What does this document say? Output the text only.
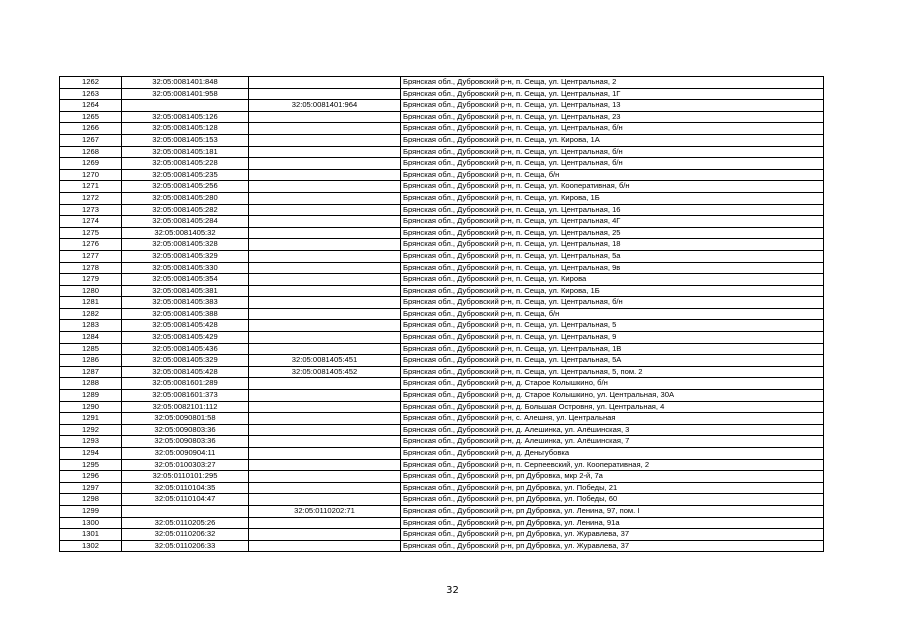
1262	32:05:0081401:848		Брянская обл., Дубровский р-н, п. Сеща, ул. Центральная, 2
1263	32:05:0081401:958		Брянская обл., Дубровский р-н, п. Сеща, ул. Центральная, 1Г
1264		32:05:0081401:964	Брянская обл., Дубровский р-н, п. Сеща, ул. Центральная, 13
1265	32:05:0081405:126		Брянская обл., Дубровский р-н, п. Сеща, ул. Центральная, 23
1266	32:05:0081405:128		Брянская обл., Дубровский р-н, п. Сеща, ул. Центральная, б/н
1267	32:05:0081405:153		Брянская обл., Дубровский р-н, п. Сеща, ул. Кирова, 1А
1268	32:05:0081405:181		Брянская обл., Дубровский р-н, п. Сеща, ул. Центральная, б/н
1269	32:05:0081405:228		Брянская обл., Дубровский р-н, п. Сеща, ул. Центральная, б/н
1270	32:05:0081405:235		Брянская обл., Дубровский р-н, п. Сеща, б/н
1271	32:05:0081405:256		Брянская обл., Дубровский р-н, п. Сеща, ул. Кооперативная, б/н
1272	32:05:0081405:280		Брянская обл., Дубровский р-н, п. Сеща, ул. Кирова, 1Б
1273	32:05:0081405:282		Брянская обл., Дубровский р-н, п. Сеща, ул. Центральная, 16
1274	32:05:0081405:284		Брянская обл., Дубровский р-н, п. Сеща, ул. Центральная, 4Г
1275	32:05:0081405:32		Брянская обл., Дубровский р-н, п. Сеща, ул. Центральная, 25
1276	32:05:0081405:328		Брянская обл., Дубровский р-н, п. Сеща, ул. Центральная, 18
1277	32:05:0081405:329		Брянская обл., Дубровский р-н, п. Сеща, ул. Центральная, 5а
1278	32:05:0081405:330		Брянская обл., Дубровский р-н, п. Сеща, ул. Центральная, 9в
1279	32:05:0081405:354		Брянская обл., Дубровский р-н, п. Сеща, ул. Кирова
1280	32:05:0081405:381		Брянская обл., Дубровский р-н, п. Сеща, ул. Кирова, 1Б
1281	32:05:0081405:383		Брянская обл., Дубровский р-н, п. Сеща, ул. Центральная, б/н
1282	32:05:0081405:388		Брянская обл., Дубровский р-н, п. Сеща, б/н
1283	32:05:0081405:428		Брянская обл., Дубровский р-н, п. Сеща, ул. Центральная, 5
1284	32:05:0081405:429		Брянская обл., Дубровский р-н, п. Сеща, ул. Центральная, 9
1285	32:05:0081405:436		Брянская обл., Дубровский р-н, п. Сеща, ул. Центральная, 1В
1286	32:05:0081405:329	32:05:0081405:451	Брянская обл., Дубровский р-н, п. Сеща, ул. Центральная, 5А
1287	32:05:0081405:428	32:05:0081405:452	Брянская обл., Дубровский р-н, п. Сеща, ул. Центральная, 5, пом. 2
1288	32:05:0081601:289		Брянская обл., Дубровский р-н, д. Старое Колышкино, б/н
1289	32:05:0081601:373		Брянская обл., Дубровский р-н, д. Старое Колышкино, ул. Центральная, 30А
1290	32:05:0082101:112		Брянская обл., Дубровский р-н, д. Большая Островня, ул. Центральная, 4
1291	32:05:0090801:58		Брянская обл., Дубровский р-н, с. Алешня, ул. Центральная
1292	32:05:0090803:36		Брянская обл., Дубровский р-н, д. Алешинка, ул. Алёшинская, 3
1293	32:05:0090803:36		Брянская обл., Дубровский р-н, д. Алешинка, ул. Алёшинская, 7
1294	32:05:0090904:11		Брянская обл., Дубровский р-н, д. Деньгубовка
1295	32:05:0100303:27		Брянская обл., Дубровский р-н, п. Серпеевский, ул. Кооперативная, 2
1296	32:05:0110101:295		Брянская обл., Дубровский р-н, рп Дубровка, мкр 2-й, 7а
1297	32:05:0110104:35		Брянская обл., Дубровский р-н, рп Дубровка, ул. Победы, 21
1298	32:05:0110104:47		Брянская обл., Дубровский р-н, рп Дубровка, ул. Победы, 60
1299		32:05:0110202:71	Брянская обл., Дубровский р-н, рп Дубровка, ул. Ленина, 97, пом. I
1300	32:05:0110205:26		Брянская обл., Дубровский р-н, рп Дубровка, ул. Ленина, 91а
1301	32:05:0110206:32		Брянская обл., Дубровский р-н, рп Дубровка, ул. Журавлева, 37
1302	32:05:0110206:33		Брянская обл., Дубровский р-н, рп Дубровка, ул. Журавлева, 37
32
